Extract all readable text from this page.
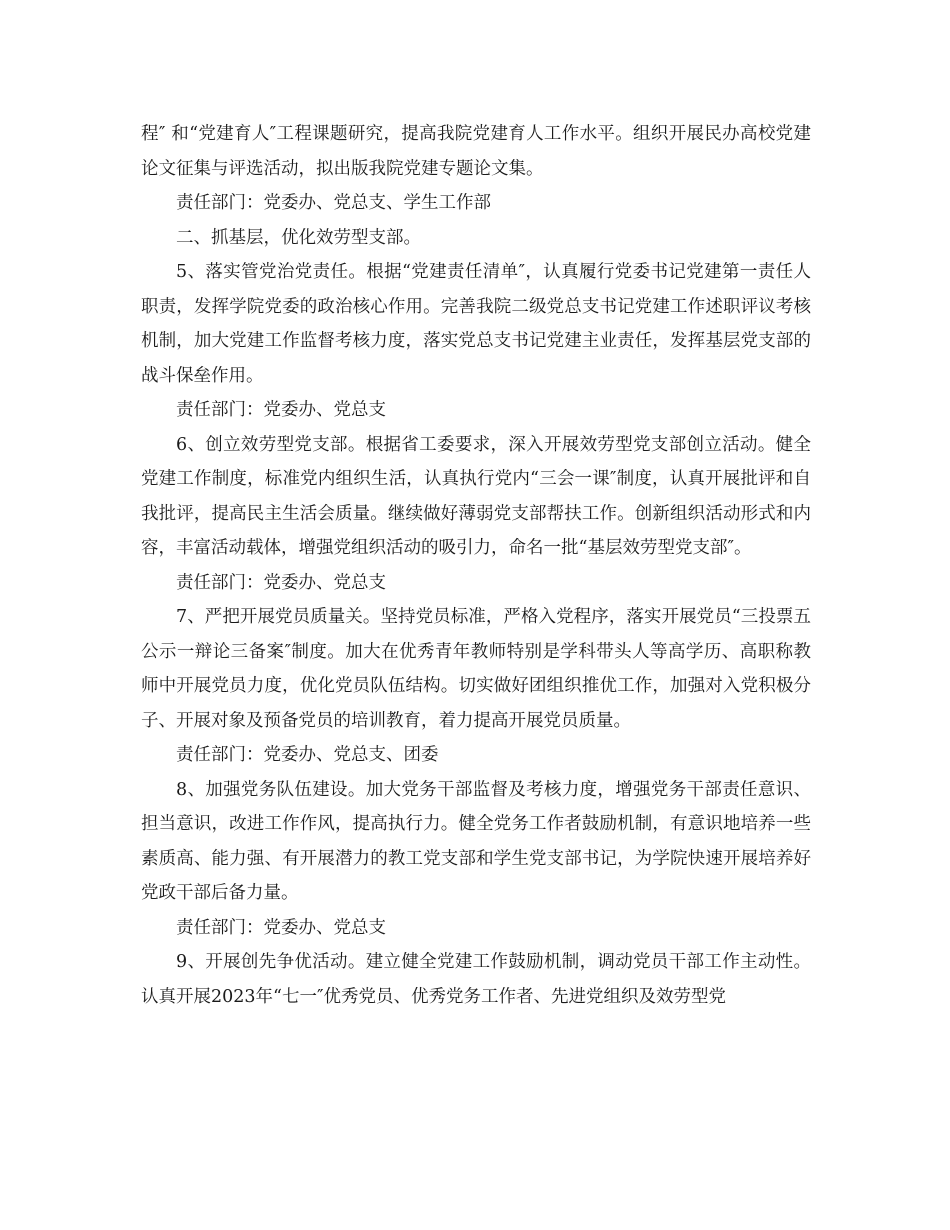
程″ 和“党建育人″工程课题研究，提高我院党建育人工作水平。组织开展民办高校党建论文征集与评选活动，拟出版我院党建专题论文集。

责任部门：党委办、党总支、学生工作部

二、抓基层，优化效劳型支部。

5、落实管党治党责任。根据“党建责任清单″，认真履行党委书记党建第一责任人职责，发挥学院党委的政治核心作用。完善我院二级党总支书记党建工作述职评议考核机制，加大党建工作监督考核力度，落实党总支书记党建主业责任，发挥基层党支部的战斗保垒作用。

责任部门：党委办、党总支

6、创立效劳型党支部。根据省工委要求，深入开展效劳型党支部创立活动。健全党建工作制度，标准党内组织生活，认真执行党内“三会一课″制度，认真开展批评和自我批评，提高民主生活会质量。继续做好薄弱党支部帮扶工作。创新组织活动形式和内容，丰富活动载体，增强党组织活动的吸引力，命名一批“基层效劳型党支部″。

责任部门：党委办、党总支

7、严把开展党员质量关。坚持党员标准，严格入党程序，落实开展党员“三投票五公示一辩论三备案″制度。加大在优秀青年教师特别是学科带头人等高学历、高职称教师中开展党员力度，优化党员队伍结构。切实做好团组织推优工作，加强对入党积极分子、开展对象及预备党员的培训教育，着力提高开展党员质量。

责任部门：党委办、党总支、团委

8、加强党务队伍建设。加大党务干部监督及考核力度，增强党务干部责任意识、担当意识，改进工作作风，提高执行力。健全党务工作者鼓励机制，有意识地培养一些素质高、能力强、有开展潜力的教工党支部和学生党支部书记，为学院快速开展培养好党政干部后备力量。

责任部门：党委办、党总支

9、开展创先争优活动。建立健全党建工作鼓励机制，调动党员干部工作主动性。认真开展2023年“七一″优秀党员、优秀党务工作者、先进党组织及效劳型党
